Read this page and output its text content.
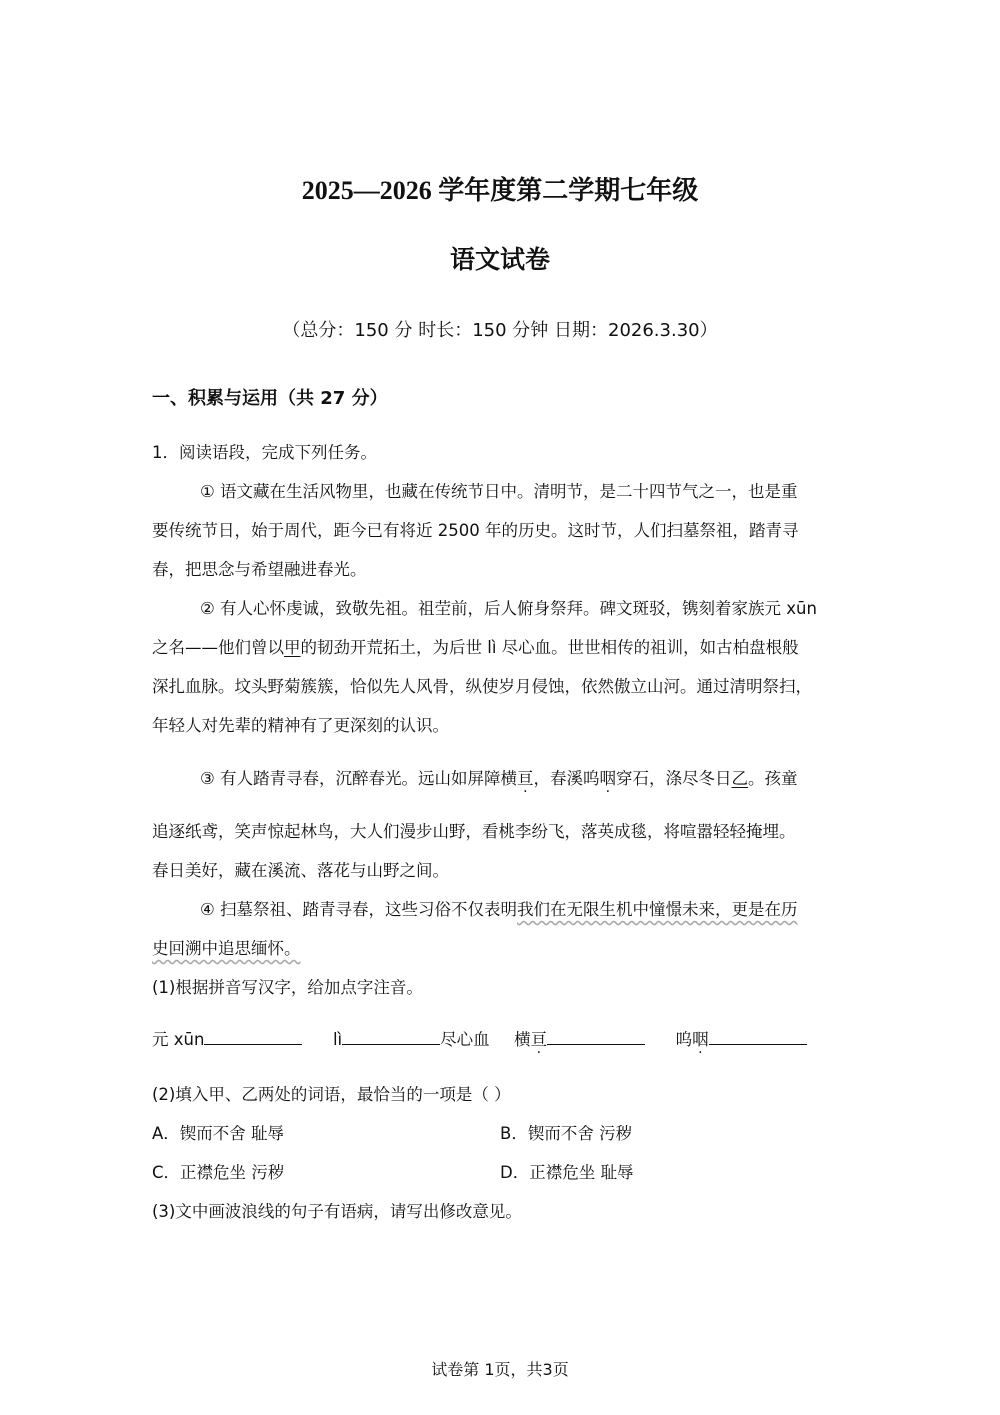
2025—2026 学年度第二学期七年级
语文试卷
（总分：150 分 时长：150 分钟 日期：2026.3.30）
一、积累与运用（共 27 分）
1．阅读语段，完成下列任务。
① 语文藏在生活风物里，也藏在传统节日中。清明节，是二十四节气之一，也是重
要传统节日，始于周代，距今已有将近 2500 年的历史。这时节，人们扫墓祭祖，踏青寻
春，把思念与希望融进春光。
② 有人心怀虔诚，致敬先祖。祖茔前，后人俯身祭拜。碑文斑驳，镌刻着家族元 xūn
之名——他们曾以甲的韧劲开荒拓土，为后世 lì 尽心血。世世相传的祖训，如古柏盘根般
深扎血脉。坟头野菊簇簇，恰似先人风骨，纵使岁月侵蚀，依然傲立山河。通过清明祭扫，
年轻人对先辈的精神有了更深刻的认识。
③ 有人踏青寻春，沉醉春光。远山如屏障横亘，春溪呜咽穿石，涤尽冬日乙。孩童
追逐纸鸢，笑声惊起林鸟，大人们漫步山野，看桃李纷飞，落英成毯，将喧嚣轻轻掩埋。
春日美好，藏在溪流、落花与山野之间。
④ 扫墓祭祖、踏青寻春，这些习俗不仅表明我们在无限生机中憧憬未来，更是在历
史回溯中追思缅怀。
(1)根据拼音写汉字，给加点字注音。
元 xūn	lì	尽心血 横亘	呜咽
(2)填入甲、乙两处的词语，最恰当的一项是（ ）
A．锲而不舍 耻辱	B．锲而不舍 污秽
C．正襟危坐 污秽	D．正襟危坐 耻辱
(3)文中画波浪线的句子有语病，请写出修改意见。
试卷第 1页，共3页
